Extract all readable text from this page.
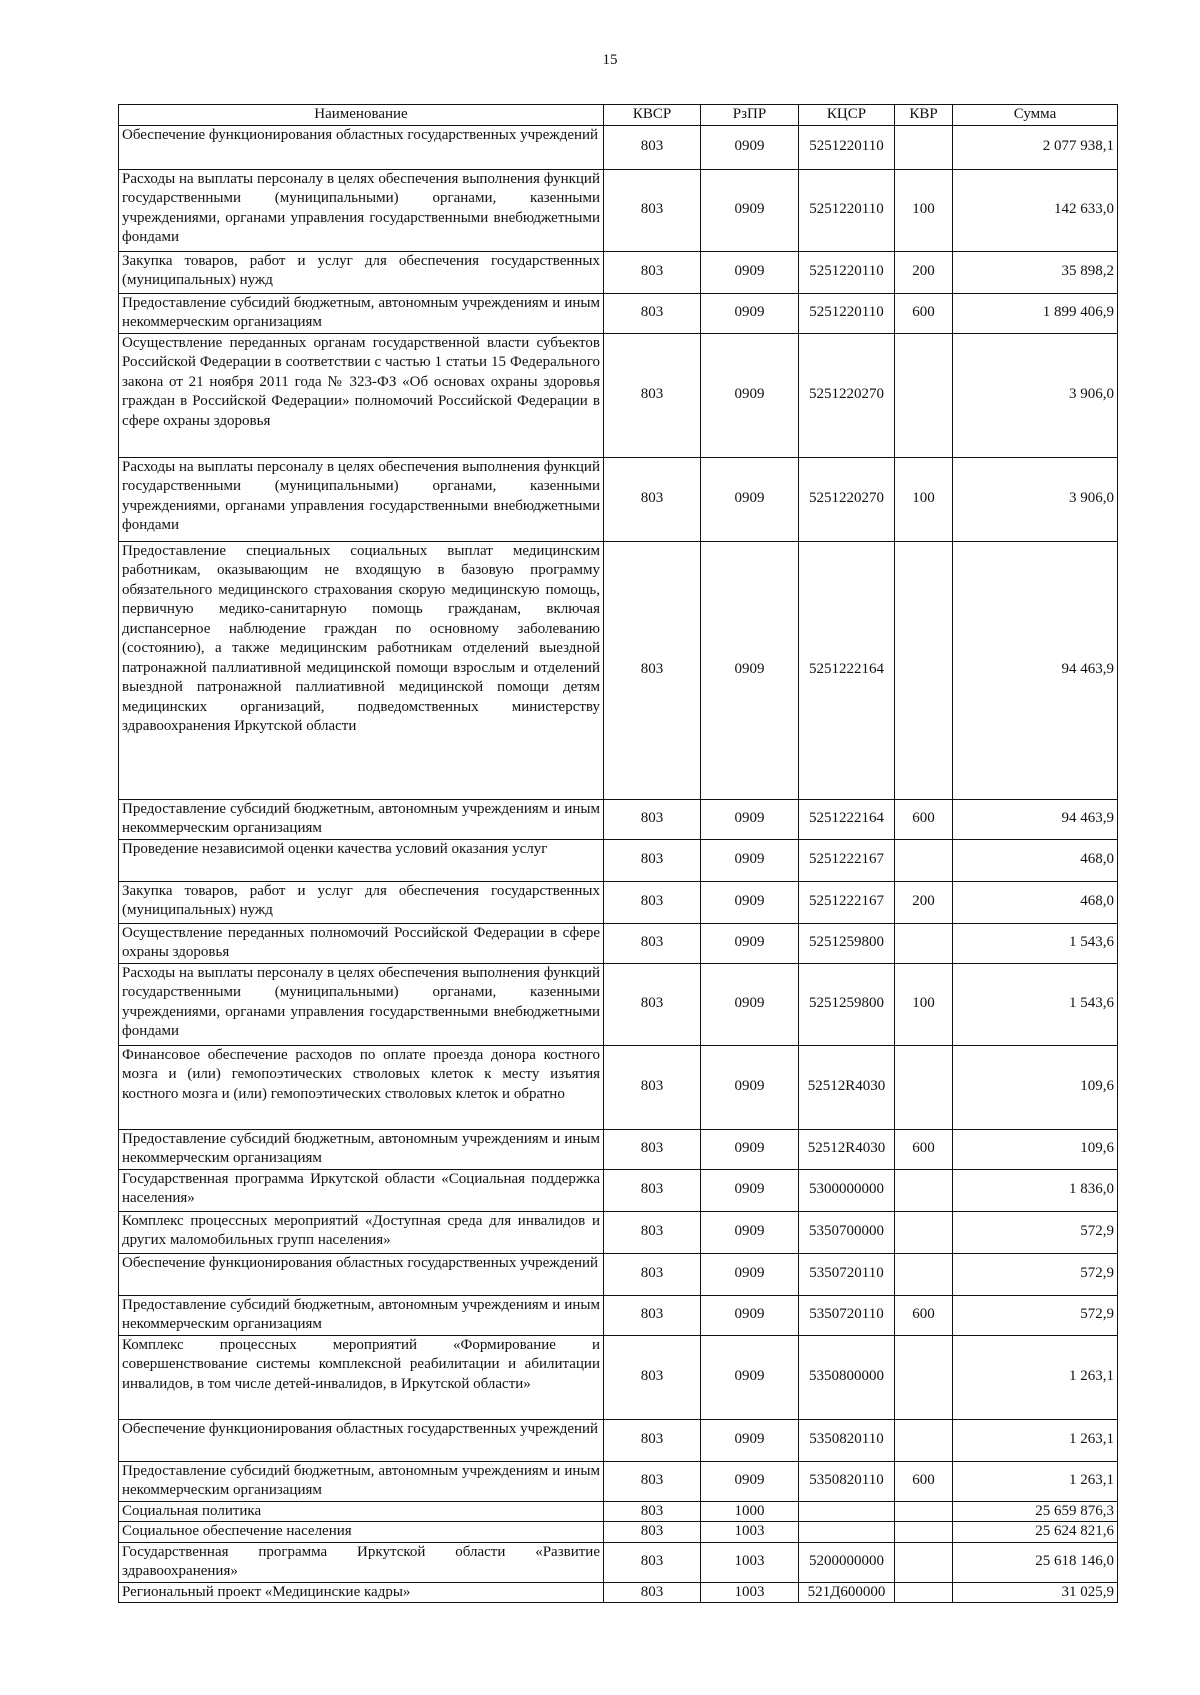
15
Наименование	КВСР	РзПР	КЦСР	КВР	Сумма
Обеспечение функционирования областных государственных учреждений	803	0909	5251220110		2 077 938,1
Расходы на выплаты персоналу в целях обеспечения выполнения функций государственными (муниципальными) органами, казенными учреждениями, органами управления государственными внебюджетными фондами	803	0909	5251220110	100	142 633,0
Закупка товаров, работ и услуг для обеспечения государственных (муниципальных) нужд	803	0909	5251220110	200	35 898,2
Предоставление субсидий бюджетным, автономным учреждениям и иным некоммерческим организациям	803	0909	5251220110	600	1 899 406,9
Осуществление переданных органам государственной власти субъектов Российской Федерации в соответствии с частью 1 статьи 15 Федерального закона от 21 ноября 2011 года № 323-ФЗ «Об основах охраны здоровья граждан в Российской Федерации» полномочий Российской Федерации в сфере охраны здоровья	803	0909	5251220270		3 906,0
Расходы на выплаты персоналу в целях обеспечения выполнения функций государственными (муниципальными) органами, казенными учреждениями, органами управления государственными внебюджетными фондами	803	0909	5251220270	100	3 906,0
Предоставление специальных социальных выплат медицинским работникам, оказывающим не входящую в базовую программу обязательного медицинского страхования скорую медицинскую помощь, первичную медико-санитарную помощь гражданам, включая диспансерное наблюдение граждан по основному заболеванию (состоянию), а также медицинским работникам отделений выездной патронажной паллиативной медицинской помощи взрослым и отделений выездной патронажной паллиативной медицинской помощи детям медицинских организаций, подведомственных министерству здравоохранения Иркутской области	803	0909	5251222164		94 463,9
Предоставление субсидий бюджетным, автономным учреждениям и иным некоммерческим организациям	803	0909	5251222164	600	94 463,9
Проведение независимой оценки качества условий оказания услуг	803	0909	5251222167		468,0
Закупка товаров, работ и услуг для обеспечения государственных (муниципальных) нужд	803	0909	5251222167	200	468,0
Осуществление переданных полномочий Российской Федерации в сфере охраны здоровья	803	0909	5251259800		1 543,6
Расходы на выплаты персоналу в целях обеспечения выполнения функций государственными (муниципальными) органами, казенными учреждениями, органами управления государственными внебюджетными фондами	803	0909	5251259800	100	1 543,6
Финансовое обеспечение расходов по оплате проезда донора костного мозга и (или) гемопоэтических стволовых клеток к месту изъятия костного мозга и (или) гемопоэтических стволовых клеток и обратно	803	0909	52512R4030		109,6
Предоставление субсидий бюджетным, автономным учреждениям и иным некоммерческим организациям	803	0909	52512R4030	600	109,6
Государственная программа Иркутской области «Социальная поддержка населения»	803	0909	5300000000		1 836,0
Комплекс процессных мероприятий «Доступная среда для инвалидов и других маломобильных групп населения»	803	0909	5350700000		572,9
Обеспечение функционирования областных государственных учреждений	803	0909	5350720110		572,9
Предоставление субсидий бюджетным, автономным учреждениям и иным некоммерческим организациям	803	0909	5350720110	600	572,9
Комплекс процессных мероприятий «Формирование и совершенствование системы комплексной реабилитации и абилитации инвалидов, в том числе детей-инвалидов, в Иркутской области»	803	0909	5350800000		1 263,1
Обеспечение функционирования областных государственных учреждений	803	0909	5350820110		1 263,1
Предоставление субсидий бюджетным, автономным учреждениям и иным некоммерческим организациям	803	0909	5350820110	600	1 263,1
Социальная политика	803	1000			25 659 876,3
Социальное обеспечение населения	803	1003			25 624 821,6
Государственная программа Иркутской области «Развитие здравоохранения»	803	1003	5200000000		25 618 146,0
Региональный проект «Медицинские кадры»	803	1003	521Д600000		31 025,9
